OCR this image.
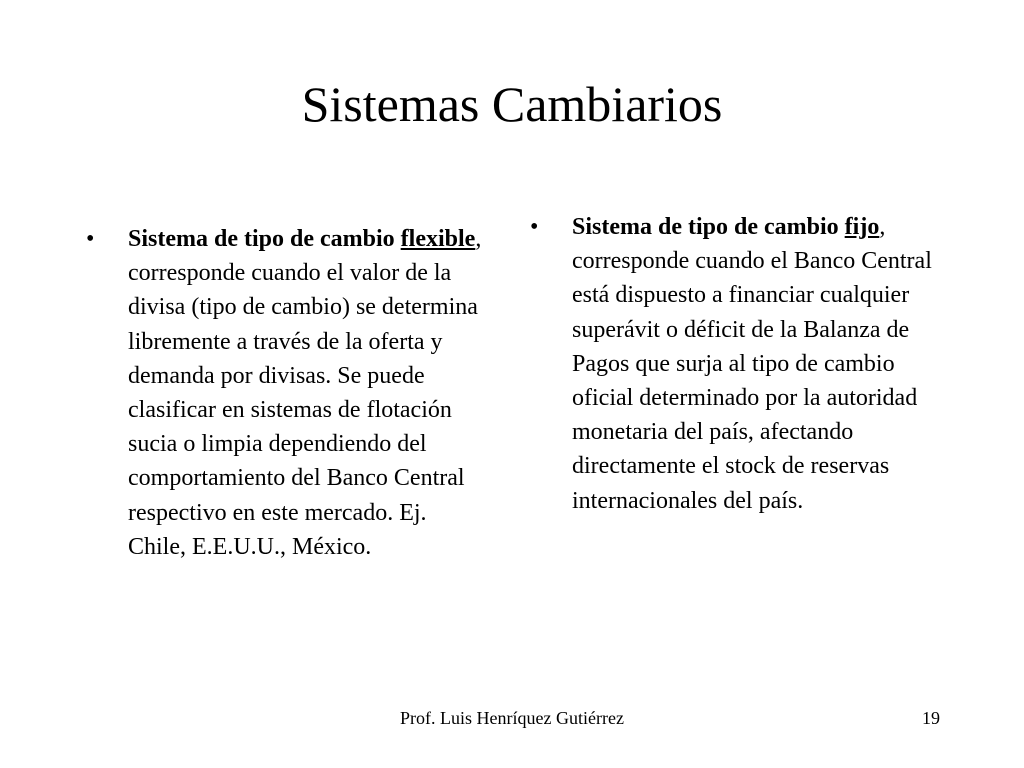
Sistemas Cambiarios
•	Sistema de tipo de cambio flexible, corresponde cuando el valor de la divisa (tipo de cambio) se determina libremente a través de la oferta y demanda por divisas. Se puede clasificar en sistemas de flotación sucia o limpia dependiendo del comportamiento del Banco Central respectivo en este mercado. Ej. Chile, E.E.U.U., México.
•	Sistema de tipo de cambio fijo, corresponde cuando el Banco Central está dispuesto a financiar cualquier superávit o déficit de la Balanza de Pagos que surja al tipo de cambio oficial determinado por la autoridad monetaria del país, afectando directamente el stock de reservas internacionales del país.
Prof. Luis Henríquez Gutiérrez	19
